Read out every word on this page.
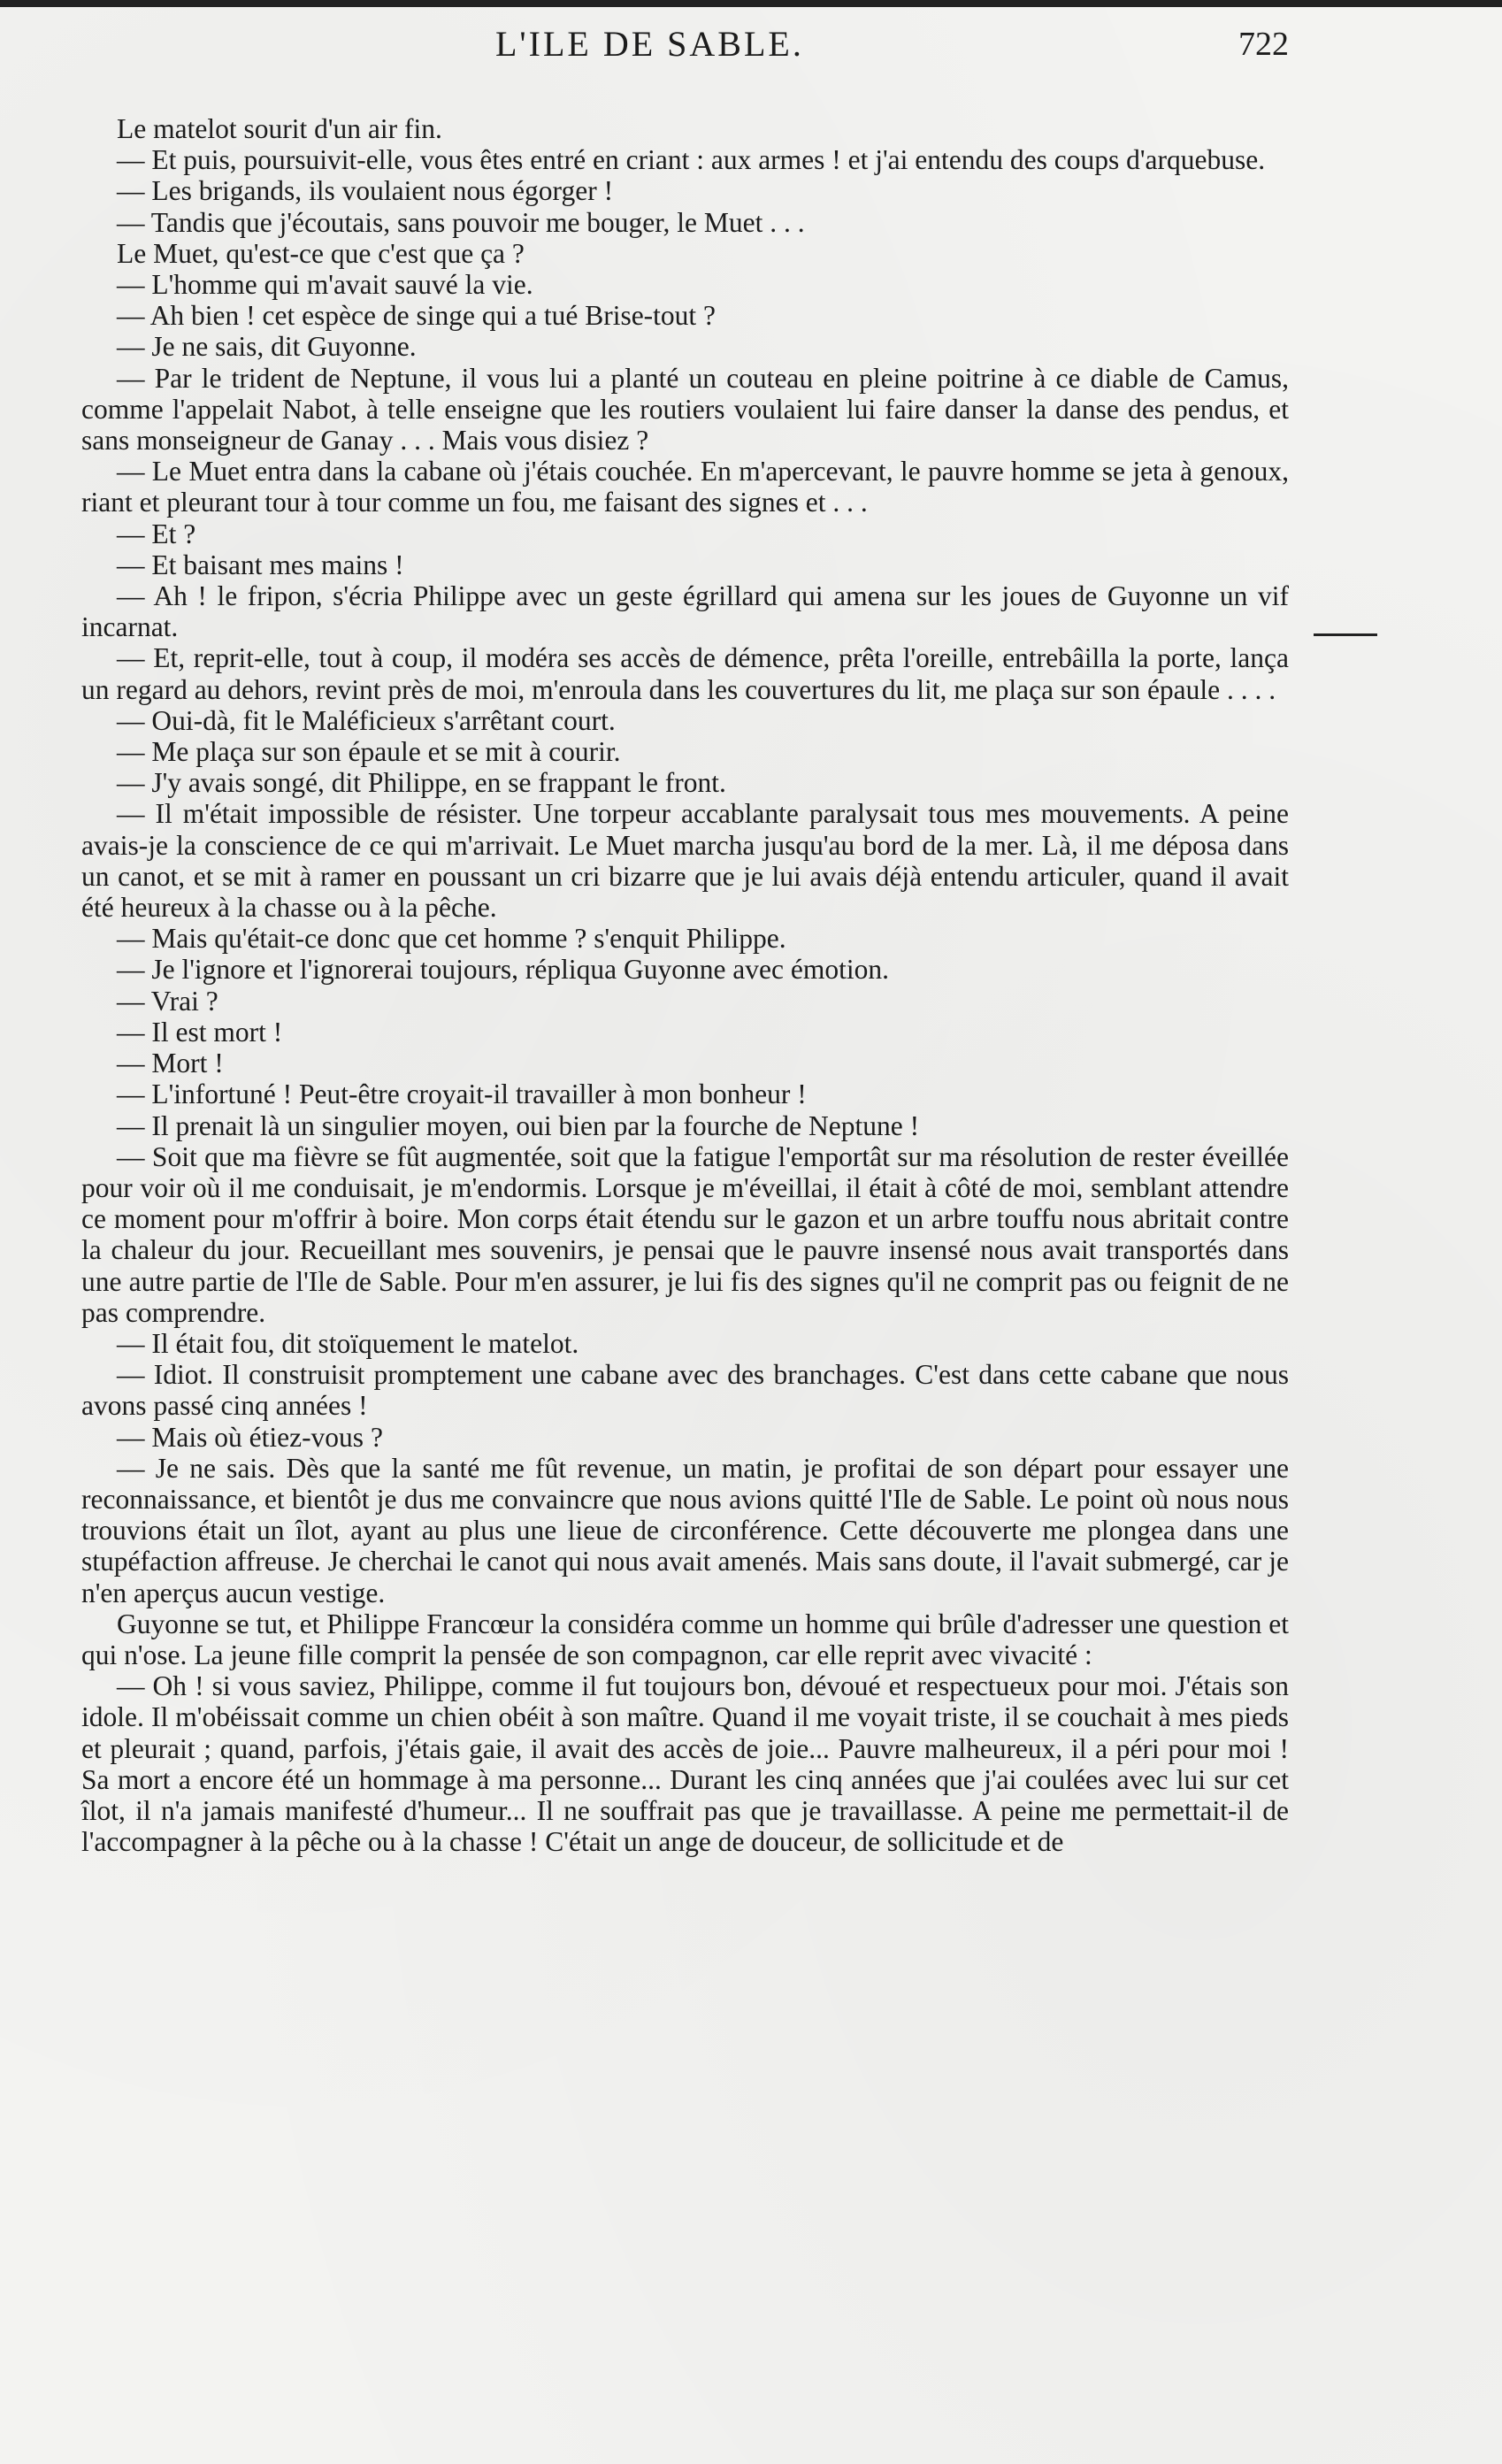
L'ILE DE SABLE.	722

Le matelot sourit d'un air fin.

— Et puis, poursuivit-elle, vous êtes entré en criant : aux armes ! et j'ai entendu des coups d'arquebuse.

— Les brigands, ils voulaient nous égorger !

— Tandis que j'écoutais, sans pouvoir me bouger, le Muet . . .

Le Muet, qu'est-ce que c'est que ça ?

— L'homme qui m'avait sauvé la vie.

— Ah bien ! cet espèce de singe qui a tué Brise-tout ?

— Je ne sais, dit Guyonne.

— Par le trident de Neptune, il vous lui a planté un couteau en pleine poitrine à ce diable de Camus, comme l'appelait Nabot, à telle enseigne que les routiers voulaient lui faire danser la danse des pendus, et sans monseigneur de Ganay . . . Mais vous disiez ?

— Le Muet entra dans la cabane où j'étais couchée. En m'apercevant, le pauvre homme se jeta à genoux, riant et pleurant tour à tour comme un fou, me faisant des signes et . . .

— Et ?

— Et baisant mes mains !

— Ah ! le fripon, s'écria Philippe avec un geste égrillard qui amena sur les joues de Guyonne un vif incarnat.

— Et, reprit-elle, tout à coup, il modéra ses accès de démence, prêta l'oreille, entrebâilla la porte, lança un regard au dehors, revint près de moi, m'enroula dans les couvertures du lit, me plaça sur son épaule . . . .

— Oui-dà, fit le Maléficieux s'arrêtant court.

— Me plaça sur son épaule et se mit à courir.

— J'y avais songé, dit Philippe, en se frappant le front.

— Il m'était impossible de résister. Une torpeur accablante paralysait tous mes mouvements. A peine avais-je la conscience de ce qui m'arrivait. Le Muet marcha jusqu'au bord de la mer. Là, il me déposa dans un canot, et se mit à ramer en poussant un cri bizarre que je lui avais déjà entendu articuler, quand il avait été heureux à la chasse ou à la pêche.

— Mais qu'était-ce donc que cet homme ? s'enquit Philippe.

— Je l'ignore et l'ignorerai toujours, répliqua Guyonne avec émotion.

— Vrai ?

— Il est mort !

— Mort !

— L'infortuné ! Peut-être croyait-il travailler à mon bonheur !

— Il prenait là un singulier moyen, oui bien par la fourche de Neptune !

— Soit que ma fièvre se fût augmentée, soit que la fatigue l'emportât sur ma résolution de rester éveillée pour voir où il me conduisait, je m'endormis. Lorsque je m'éveillai, il était à côté de moi, semblant attendre ce moment pour m'offrir à boire. Mon corps était étendu sur le gazon et un arbre touffu nous abritait contre la chaleur du jour. Recueillant mes souvenirs, je pensai que le pauvre insensé nous avait transportés dans une autre partie de l'Ile de Sable. Pour m'en assurer, je lui fis des signes qu'il ne comprit pas ou feignit de ne pas comprendre.

— Il était fou, dit stoïquement le matelot.

— Idiot. Il construisit promptement une cabane avec des branchages. C'est dans cette cabane que nous avons passé cinq années !

— Mais où étiez-vous ?

— Je ne sais. Dès que la santé me fût revenue, un matin, je profitai de son départ pour essayer une reconnaissance, et bientôt je dus me convaincre que nous avions quitté l'Ile de Sable. Le point où nous nous trouvions était un îlot, ayant au plus une lieue de circonférence. Cette découverte me plongea dans une stupéfaction affreuse. Je cherchai le canot qui nous avait amenés. Mais sans doute, il l'avait submergé, car je n'en aperçus aucun vestige.

Guyonne se tut, et Philippe Francœur la considéra comme un homme qui brûle d'adresser une question et qui n'ose. La jeune fille comprit la pensée de son compagnon, car elle reprit avec vivacité :

— Oh ! si vous saviez, Philippe, comme il fut toujours bon, dévoué et respectueux pour moi. J'étais son idole. Il m'obéissait comme un chien obéit à son maître. Quand il me voyait triste, il se couchait à mes pieds et pleurait ; quand, parfois, j'étais gaie, il avait des accès de joie... Pauvre malheureux, il a péri pour moi ! Sa mort a encore été un hommage à ma personne... Durant les cinq années que j'ai coulées avec lui sur cet îlot, il n'a jamais manifesté d'humeur... Il ne souffrait pas que je travaillasse. A peine me permettait-il de l'accompagner à la pêche ou à la chasse ! C'était un ange de douceur, de sollicitude et de
